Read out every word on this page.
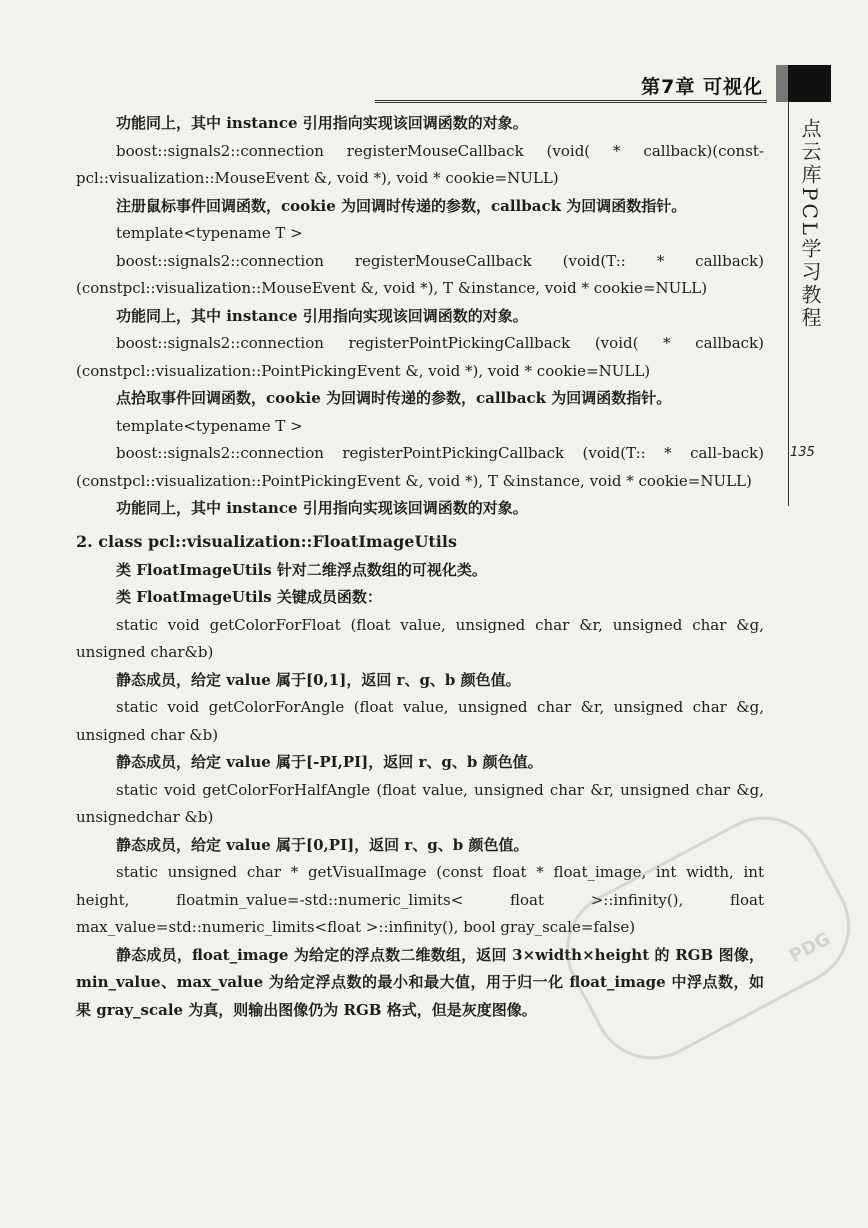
第7章 可视化
点云库PCL学习教程
135

功能同上，其中 instance 引用指向实现该回调函数的对象。

boost::signals2::connection registerMouseCallback (void( * callback)(const-pcl::visualization::MouseEvent &, void *), void * cookie=NULL)

注册鼠标事件回调函数，cookie 为回调时传递的参数，callback 为回调函数指针。

template<typename T >

boost::signals2::connection registerMouseCallback (void(T:: * callback)(constpcl::visualization::MouseEvent &, void *), T &instance, void * cookie=NULL)

功能同上，其中 instance 引用指向实现该回调函数的对象。

boost::signals2::connection registerPointPickingCallback (void( * callback)(constpcl::visualization::PointPickingEvent &, void *), void * cookie=NULL)

点拾取事件回调函数，cookie 为回调时传递的参数，callback 为回调函数指针。

template<typename T >

boost::signals2::connection registerPointPickingCallback (void(T:: * call-back)(constpcl::visualization::PointPickingEvent &, void *), T &instance, void * cookie=NULL)

功能同上，其中 instance 引用指向实现该回调函数的对象。

2. class pcl::visualization::FloatImageUtils

类 FloatImageUtils 针对二维浮点数组的可视化类。

类 FloatImageUtils 关键成员函数：

static void getColorForFloat (float value, unsigned char &r, unsigned char &g, unsigned char&b)

静态成员，给定 value 属于[0,1]，返回 r、g、b 颜色值。

static void getColorForAngle (float value, unsigned char &r, unsigned char &g, unsigned char &b)

静态成员，给定 value 属于[-PI,PI]，返回 r、g、b 颜色值。

static void getColorForHalfAngle (float value, unsigned char &r, unsigned char &g, unsignedchar &b)

静态成员，给定 value 属于[0,PI]，返回 r、g、b 颜色值。

static unsigned char * getVisualImage (const float * float_image, int width, int height, floatmin_value=-std::numeric_limits< float >::infinity(), float max_value=std::numeric_limits<float >::infinity(), bool gray_scale=false)

静态成员，float_image 为给定的浮点数二维数组，返回 3×width×height 的 RGB 图像，min_value、max_value 为给定浮点数的最小和最大值，用于归一化 float_image 中浮点数，如果 gray_scale 为真，则输出图像仍为 RGB 格式，但是灰度图像。

PDG
